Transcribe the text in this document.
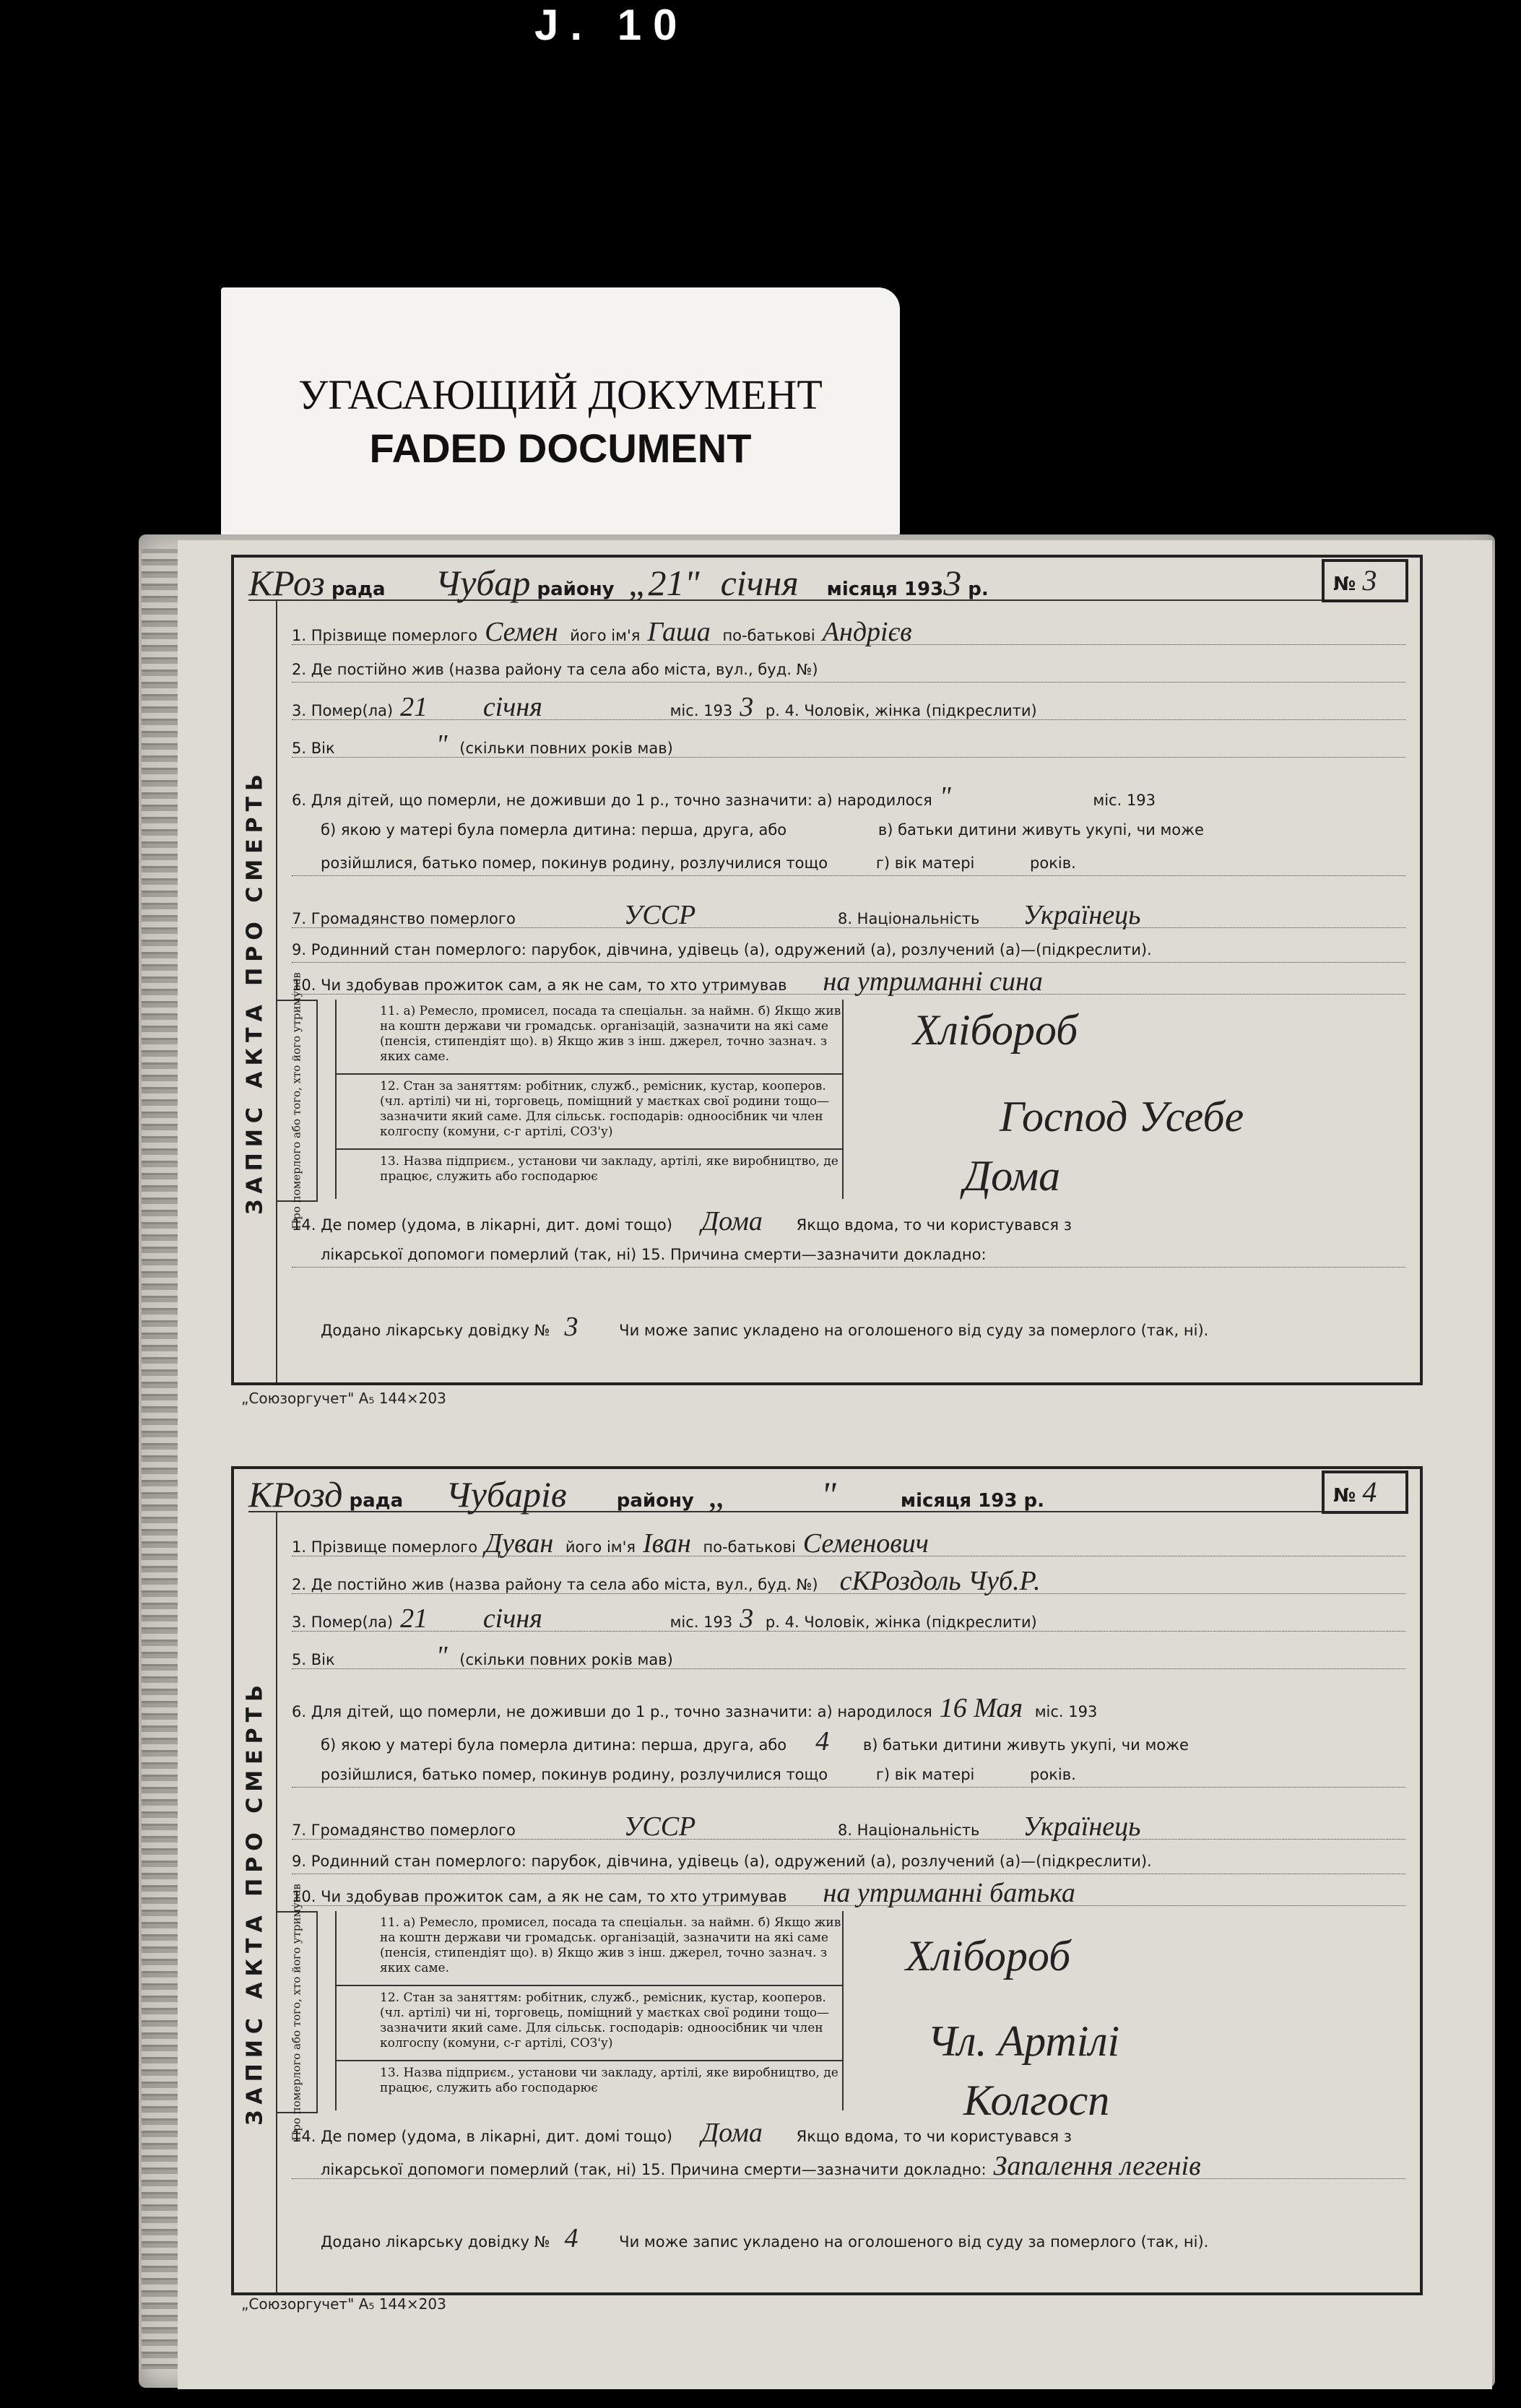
J. 10
УГАСАЮЩИЙ ДОКУМЕНТ
FADED DOCUMENT
КРоз рада Чубар району „21" січня місяця 1933 р.	№ 3
ЗАПИС АКТА ПРО СМЕРТЬ
1. Прізвище померлого Семен його ім'я Гаша по-батькові Андрієв
2. Де постійно жив (назва району та села або міста, вул., буд. №)
3. Помер(ла) 21 січня	міс. 193 3 р. 4. Чоловік, жінка (підкреслити)
5. Вік	" (скільки повних років мав)
6. Для дітей, що померли, не доживши до 1 р., точно зазначити: а) народилося "	міс. 193
б) якою у матері була померла дитина: перша, друга, або	в) батьки дитини живуть укупі, чи може
розійшлися, батько помер, покинув родину, розлучилися тощо	г) вік матері	років.
7. Громадянство померлого	УССР	8. Національність Українець
9. Родинний стан померлого: парубок, дівчина, удівець (а), одружений (а), розлучений (а)—(підкреслити).
10. Чи здобував прожиток сам, а як не сам, то хто утримував на утриманні сина
Про померлого або того, хто його утримував	11. а) Ремесло, промисел, посада та спеціальн. за наймн. б) Якщо жив на коштн держави чи громадськ. організацій, зазначити на які саме (пенсія, стипендіят що). в) Якщо жив з інш. джерел, точно зазнач. з яких саме.
12. Стан за заняттям: робітник, служб., ремісник, кустар, кооперов. (чл. артілі) чи ні, торговець, поміщний у маєтках свої родини тощо—зазначити який саме. Для сільськ. господарів: одноосібник чи член колгоспу (комуни, с-г артілі, СОЗ'у)
13. Назва підприєм., установи чи закладу, артілі, яке виробництво, де працює, служить або господарює
Хлібороб
Господ Усебе
Дома
14. Де помер (удома, в лікарні, дит. домі тощо) Дома Якщо вдома, то чи користувався з
лікарської допомоги померлий (так, ні) 15. Причина смерти—зазначити докладно:
Додано лікарську довідку № 3	Чи може запис укладено на оголошеного від суду за померлого (так, ні).
„Союзоргучет" А₅ 144×203
КРозд рада Чубарів	району „	"	місяця 193 р.	№ 4
ЗАПИС АКТА ПРО СМЕРТЬ
1. Прізвище померлого Дуван його ім'я Іван по-батькові Семенович
2. Де постійно жив (назва району та села або міста, вул., буд. №) сКРоздоль Чуб.Р.
3. Помер(ла) 21 січня	міс. 193 3 р. 4. Чоловік, жінка (підкреслити)
5. Вік	" (скільки повних років мав)
6. Для дітей, що померли, не доживши до 1 р., точно зазначити: а) народилося 16 Мая міс. 193
б) якою у матері була померла дитина: перша, друга, або 4 в) батьки дитини живуть укупі, чи може
розійшлися, батько помер, покинув родину, розлучилися тощо	г) вік матері	років.
7. Громадянство померлого	УССР	8. Національність Українець
9. Родинний стан померлого: парубок, дівчина, удівець (а), одружений (а), розлучений (а)—(підкреслити).
10. Чи здобував прожиток сам, а як не сам, то хто утримував на утриманні батька
Про померлого або того, хто його утримував	11. а) Ремесло, промисел, посада та спеціальн. за наймн. б) Якщо жив на коштн держави чи громадськ. організацій, зазначити на які саме (пенсія, стипендіят що). в) Якщо жив з інш. джерел, точно зазнач. з яких саме.
12. Стан за заняттям: робітник, служб., ремісник, кустар, кооперов. (чл. артілі) чи ні, торговець, поміщний у маєтках свої родини тощо—зазначити який саме. Для сільськ. господарів: одноосібник чи член колгоспу (комуни, с-г артілі, СОЗ'у)
13. Назва підприєм., установи чи закладу, артілі, яке виробництво, де працює, служить або господарює
Хлібороб
Чл. Артілі
Колгосп
14. Де помер (удома, в лікарні, дит. домі тощо) Дома Якщо вдома, то чи користувався з
лікарської допомоги померлий (так, ні) 15. Причина смерти—зазначити докладно: Запалення легенів
Додано лікарську довідку № 4	Чи може запис укладено на оголошеного від суду за померлого (так, ні).
„Союзоргучет" А₅ 144×203
